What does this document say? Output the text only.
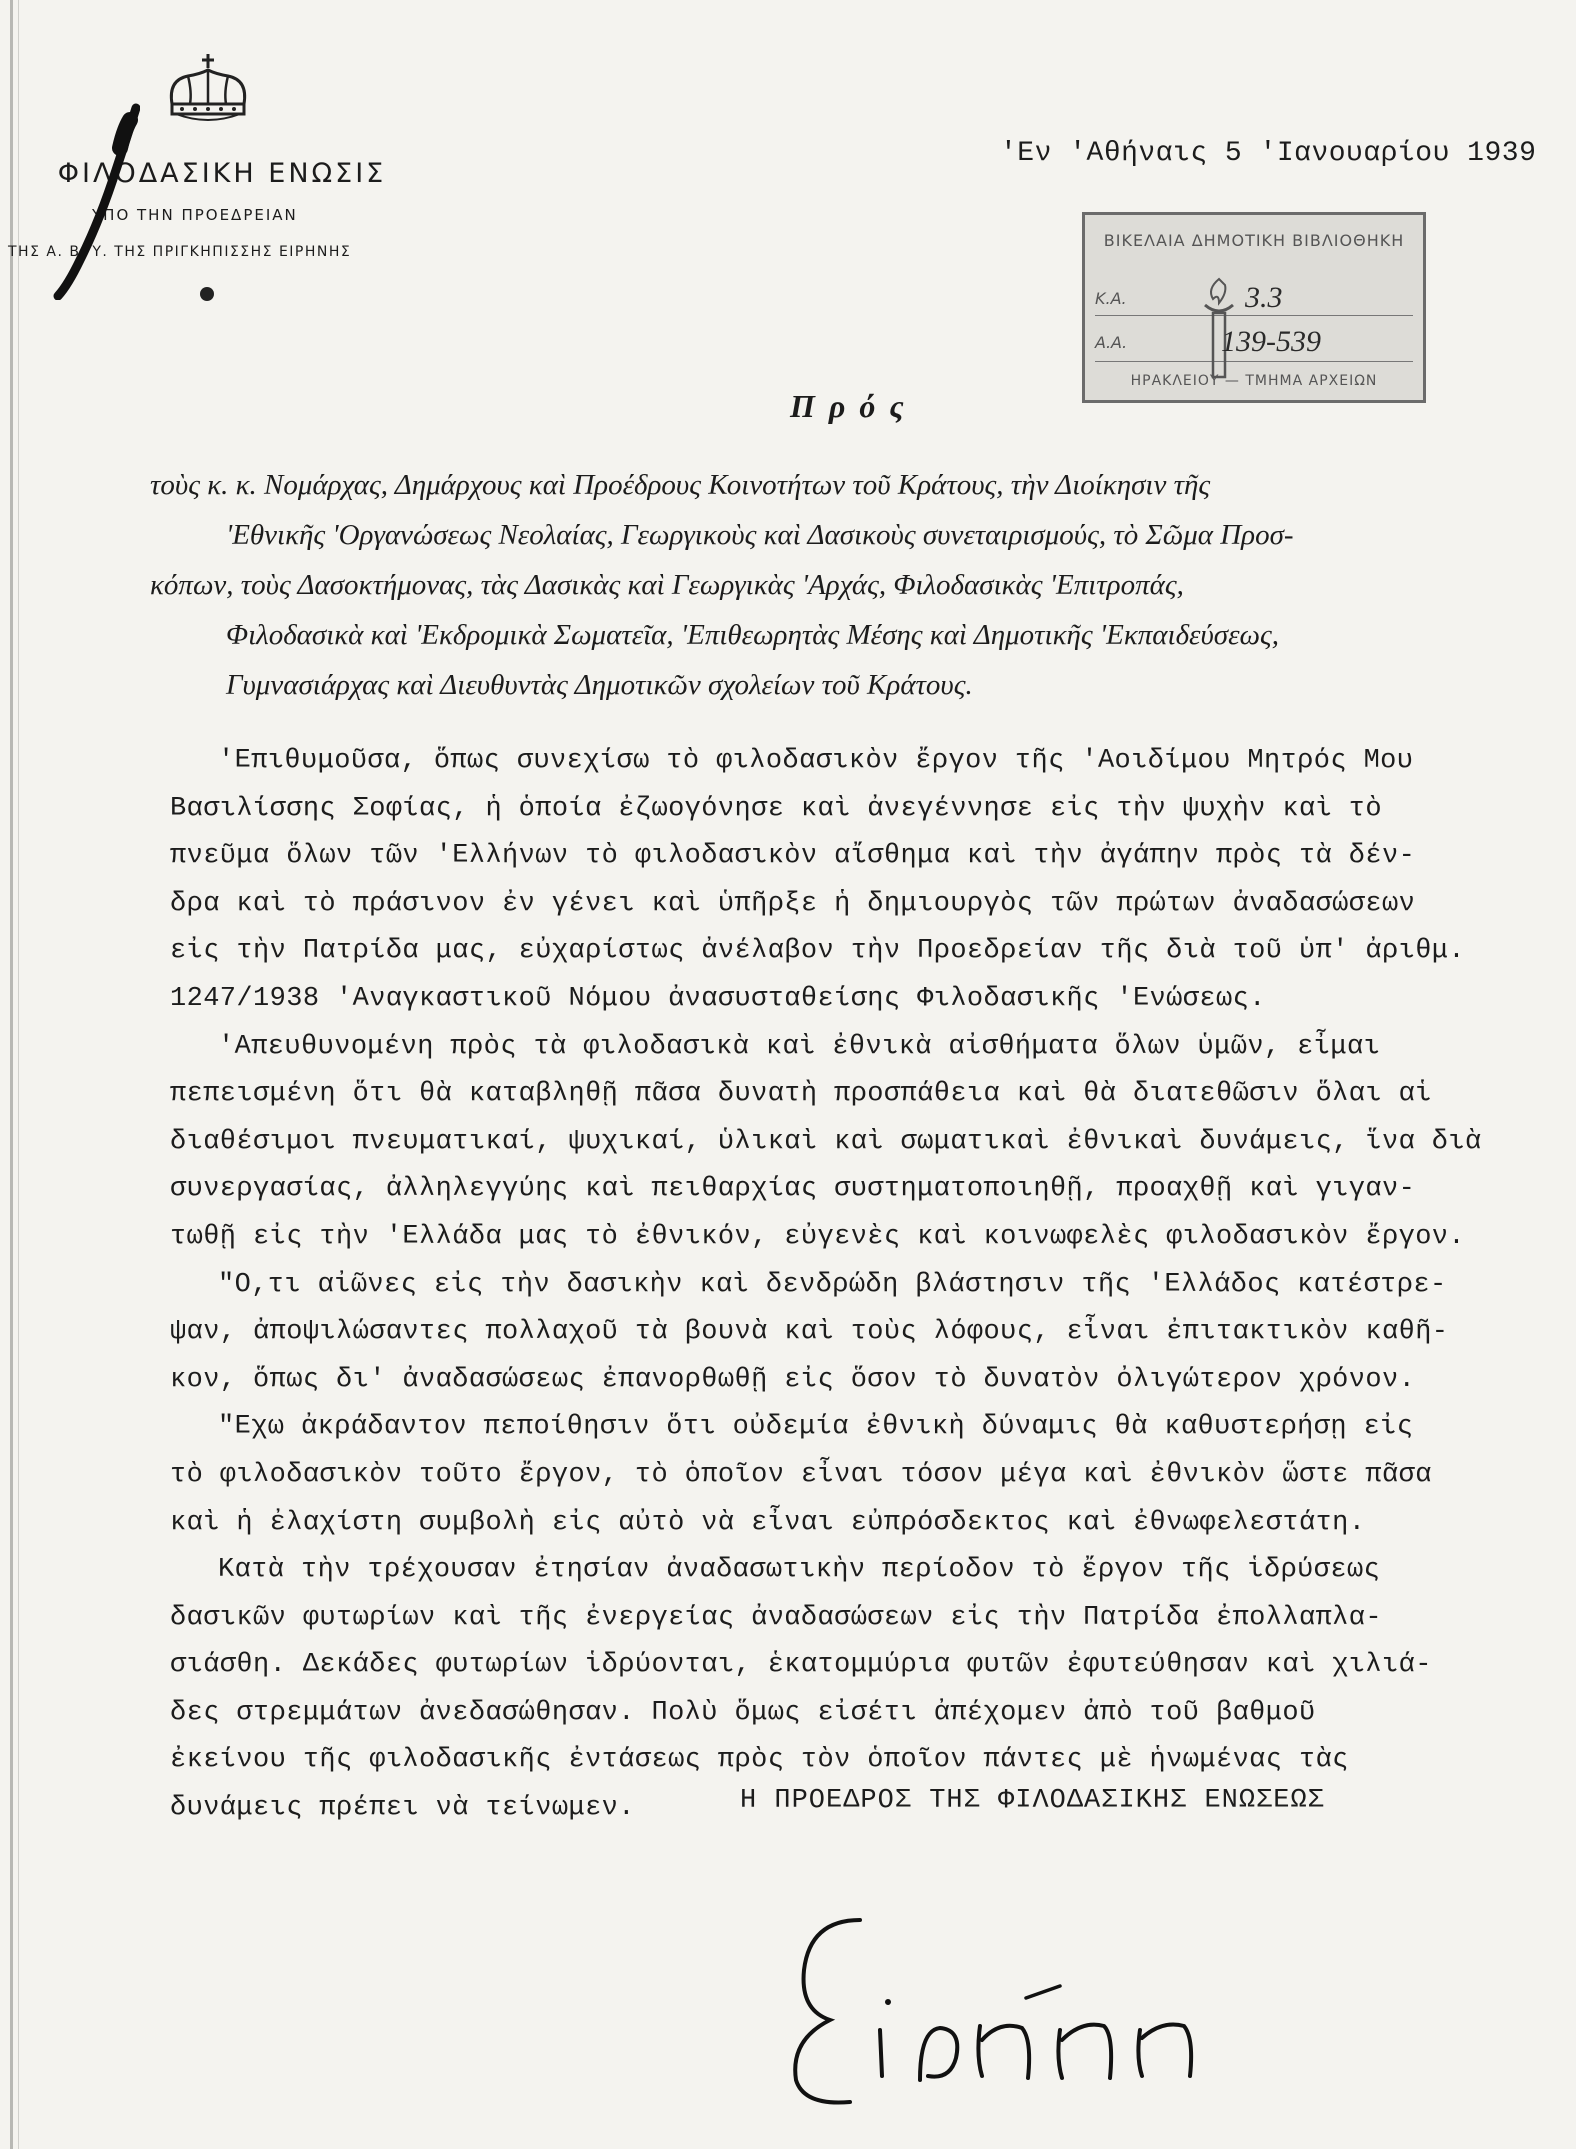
ΦΙΛΟΔΑΣΙΚΗ ΕΝΩΣΙΣ
ΥΠΟ ΤΗΝ ΠΡΟΕΔΡΕΙΑΝ
ΤΗΣ Α. Β. Υ. ΤΗΣ ΠΡΙΓΚΗΠΙΣΣΗΣ ΕΙΡΗΝΗΣ
'Εν 'Αθήναις 5 'Ιανουαρίου 1939
ΒΙΚΕΛΑΙΑ ΔΗΜΟΤΙΚΗ ΒΙΒΛΙΟΘΗΚΗ
Κ.Α.
Α.Α.
3.3
139-539
ΗΡΑΚΛΕΙΟΥ — ΤΜΗΜΑ ΑΡΧΕΙΩΝ
Πρός
τοὺς κ. κ. Νομάρχας, Δημάρχους καὶ Προέδρους Κοινοτήτων τοῦ Κράτους, τὴν Διοίκησιν τῆς
'Εθνικῆς 'Οργανώσεως Νεολαίας, Γεωργικοὺς καὶ Δασικοὺς συνεταιρισμούς, τὸ Σῶμα Προσ-
κόπων, τοὺς Δασοκτήμονας, τὰς Δασικὰς καὶ Γεωργικὰς 'Αρχάς, Φιλοδασικὰς 'Επιτροπάς,
Φιλοδασικὰ καὶ 'Εκδρομικὰ Σωματεῖα, 'Επιθεωρητὰς Μέσης καὶ Δημοτικῆς 'Εκπαιδεύσεως,
Γυμνασιάρχας καὶ Διευθυντὰς Δημοτικῶν σχολείων τοῦ Κράτους.
'Επιθυμοῦσα, ὅπως συνεχίσω τὸ φιλοδασικὸν ἔργον τῆς 'Αοιδίμου Μητρός Μου
Βασιλίσσης Σοφίας, ἡ ὁποία ἐζωογόνησε καὶ ἀνεγέννησε εἰς τὴν ψυχὴν καὶ τὸ
πνεῦμα ὅλων τῶν 'Ελλήνων τὸ φιλοδασικὸν αἴσθημα καὶ τὴν ἀγάπην πρὸς τὰ δέν-
δρα καὶ τὸ πράσινον ἐν γένει καὶ ὑπῆρξε ἡ δημιουργὸς τῶν πρώτων ἀναδασώσεων
εἰς τὴν Πατρίδα μας, εὐχαρίστως ἀνέλαβον τὴν Προεδρείαν τῆς διὰ τοῦ ὑπ' ἀριθμ.
1247/1938 'Αναγκαστικοῦ Νόμου ἀνασυσταθείσης Φιλοδασικῆς 'Ενώσεως.
'Απευθυνομένη πρὸς τὰ φιλοδασικὰ καὶ ἐθνικὰ αἰσθήματα ὅλων ὑμῶν, εἶμαι
πεπεισμένη ὅτι θὰ καταβληθῇ πᾶσα δυνατὴ προσπάθεια καὶ θὰ διατεθῶσιν ὅλαι αἱ
διαθέσιμοι πνευματικαί, ψυχικαί, ὑλικαὶ καὶ σωματικαὶ ἐθνικαὶ δυνάμεις, ἵνα διὰ
συνεργασίας, ἀλληλεγγύης καὶ πειθαρχίας συστηματοποιηθῇ, προαχθῇ καὶ γιγαν-
τωθῇ εἰς τὴν 'Ελλάδα μας τὸ ἐθνικόν, εὐγενὲς καὶ κοινωφελὲς φιλοδασικὸν ἔργον.
"Ο,τι αἰῶνες εἰς τὴν δασικὴν καὶ δενδρώδη βλάστησιν τῆς 'Ελλάδος κατέστρε-
ψαν, ἀποψιλώσαντες πολλαχοῦ τὰ βουνὰ καὶ τοὺς λόφους, εἶναι ἐπιτακτικὸν καθῆ-
κον, ὅπως δι' ἀναδασώσεως ἐπανορθωθῇ εἰς ὅσον τὸ δυνατὸν ὀλιγώτερον χρόνον.
"Εχω ἀκράδαντον πεποίθησιν ὅτι οὐδεμία ἐθνικὴ δύναμις θὰ καθυστερήσῃ εἰς
τὸ φιλοδασικὸν τοῦτο ἔργον, τὸ ὁποῖον εἶναι τόσον μέγα καὶ ἐθνικὸν ὥστε πᾶσα
καὶ ἡ ἐλαχίστη συμβολὴ εἰς αὐτὸ νὰ εἶναι εὐπρόσδεκτος καὶ ἐθνωφελεστάτη.
Κατὰ τὴν τρέχουσαν ἐτησίαν ἀναδασωτικὴν περίοδον τὸ ἔργον τῆς ἱδρύσεως
δασικῶν φυτωρίων καὶ τῆς ἐνεργείας ἀναδασώσεων εἰς τὴν Πατρίδα ἐπολλαπλα-
σιάσθη. Δεκάδες φυτωρίων ἱδρύονται, ἑκατομμύρια φυτῶν ἐφυτεύθησαν καὶ χιλιά-
δες στρεμμάτων ἀνεδασώθησαν. Πολὺ ὅμως εἰσέτι ἀπέχομεν ἀπὸ τοῦ βαθμοῦ
ἐκείνου τῆς φιλοδασικῆς ἐντάσεως πρὸς τὸν ὁποῖον πάντες μὲ ἡνωμένας τὰς
δυνάμεις πρέπει νὰ τείνωμεν.	Η ΠΡΟΕΔΡΟΣ ΤΗΣ ΦΙΛΟΔΑΣΙΚΗΣ ΕΝΩΣΕΩΣ
